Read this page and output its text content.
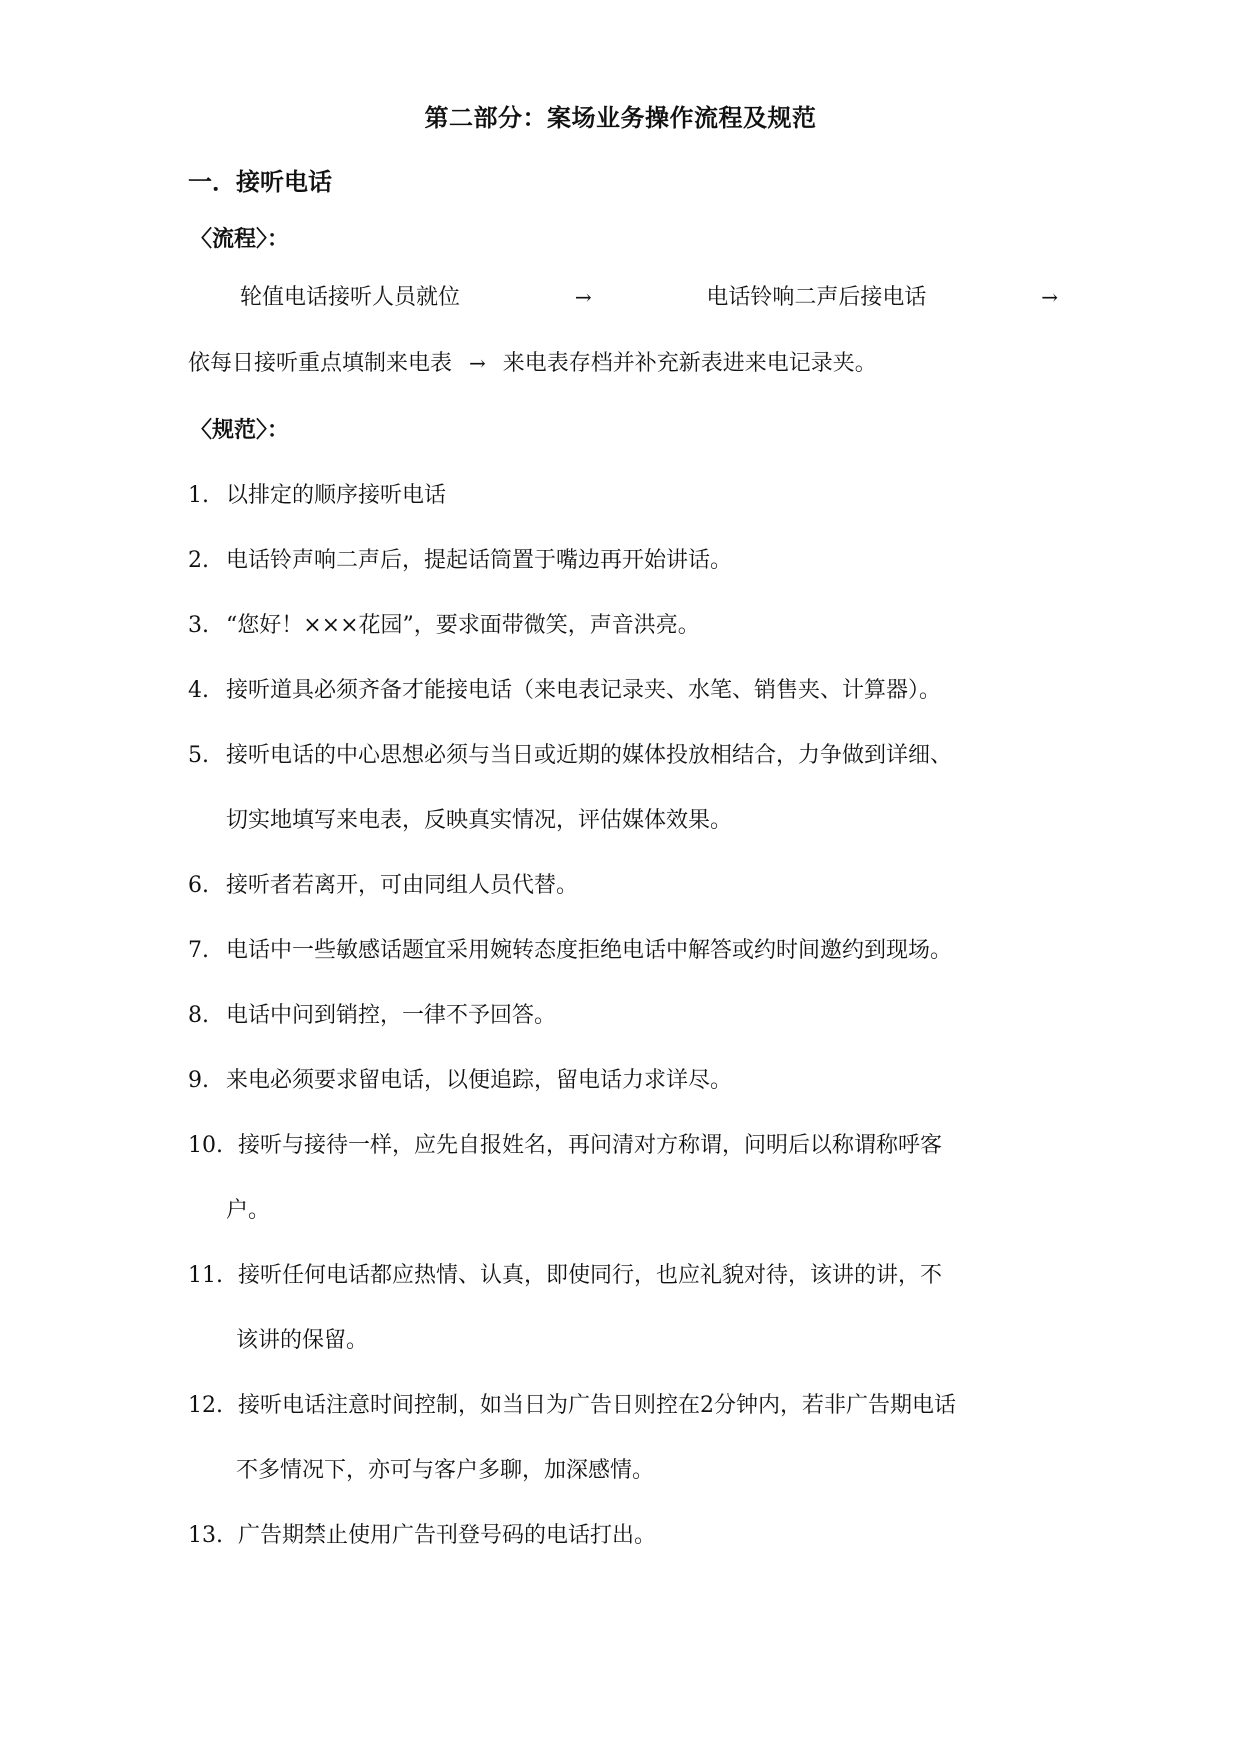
第二部分：案场业务操作流程及规范
一．接听电话
〈流程〉：
轮值电话接听人员就位	→	电话铃响二声后接电话	→
依每日接听重点填制来电表 → 来电表存档并补充新表进来电记录夹。
〈规范〉：
1. 以排定的顺序接听电话
2. 电话铃声响二声后，提起话筒置于嘴边再开始讲话。
3. “您好！×××花园”，要求面带微笑，声音洪亮。
4. 接听道具必须齐备才能接电话（来电表记录夹、水笔、销售夹、计算器）。
5. 接听电话的中心思想必须与当日或近期的媒体投放相结合，力争做到详细、
切实地填写来电表，反映真实情况，评估媒体效果。
6. 接听者若离开，可由同组人员代替。
7. 电话中一些敏感话题宜采用婉转态度拒绝电话中解答或约时间邀约到现场。
8. 电话中问到销控，一律不予回答。
9. 来电必须要求留电话，以便追踪，留电话力求详尽。
10. 接听与接待一样，应先自报姓名，再问清对方称谓，问明后以称谓称呼客
户。
11. 接听任何电话都应热情、认真，即使同行，也应礼貌对待，该讲的讲，不
该讲的保留。
12. 接听电话注意时间控制，如当日为广告日则控在2分钟内，若非广告期电话
不多情况下，亦可与客户多聊，加深感情。
13. 广告期禁止使用广告刊登号码的电话打出。
